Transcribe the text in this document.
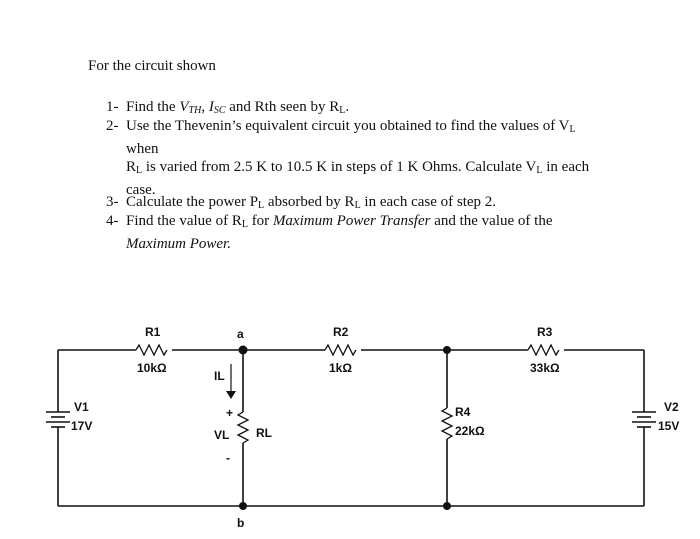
For the circuit shown
1- Find the $V_{TH}$, $I_{SC}$ and Rth seen by $R_L$.
2- Use the Thevenin’s equivalent circuit you obtained to find the values of $V_L$
when
$R_L$ is varied from 2.5 K to 10.5 K in steps of 1 K Ohms. Calculate $V_L$ in each
case.
3- Calculate the power $P_L$ absorbed by $R_L$ in each case of step 2.
4- Find the value of $R_L$ for Maximum Power Transfer and the value of the
Maximum Power.
R1
10kΩ
R2
1kΩ
R3
33kΩ
R4
22kΩ
V1
17V
V2
15V
a
b
IL
+
VL
-
RL
